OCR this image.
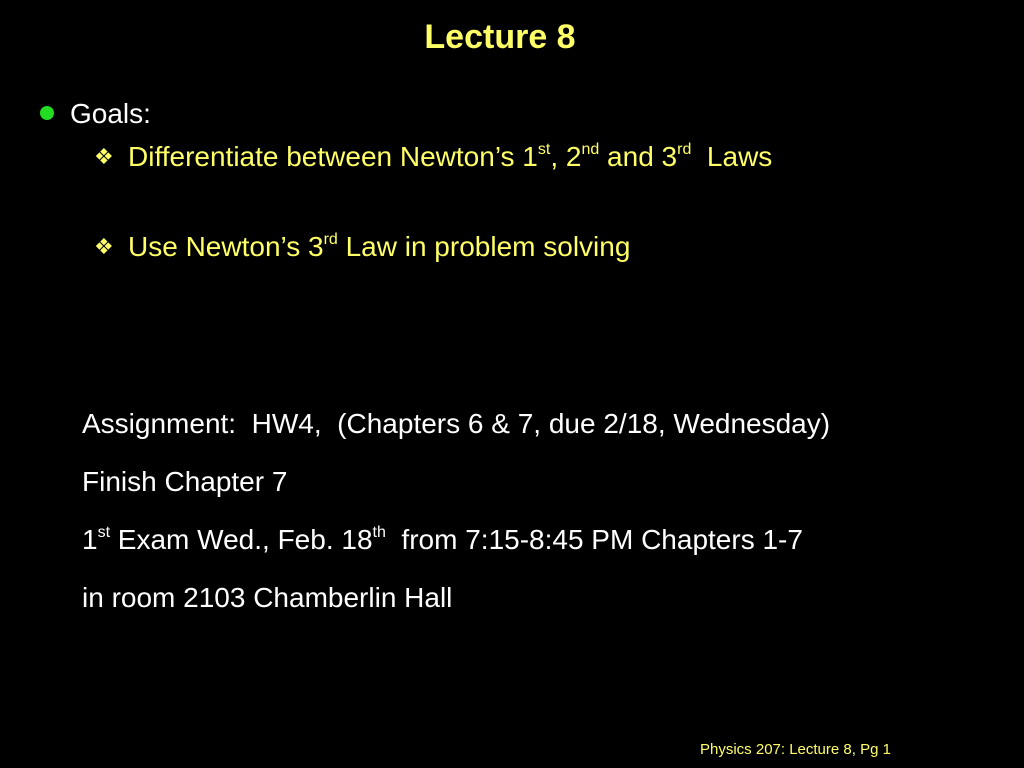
Lecture 8
Goals:
❖ Differentiate between Newton’s 1st, 2nd and 3rd  Laws
❖ Use Newton’s 3rd Law in problem solving
Assignment:  HW4,  (Chapters 6 & 7, due 2/18, Wednesday)
Finish Chapter 7
1st Exam Wed., Feb. 18th  from 7:15-8:45 PM Chapters 1-7
in room 2103 Chamberlin Hall
Physics 207: Lecture 8, Pg 1
